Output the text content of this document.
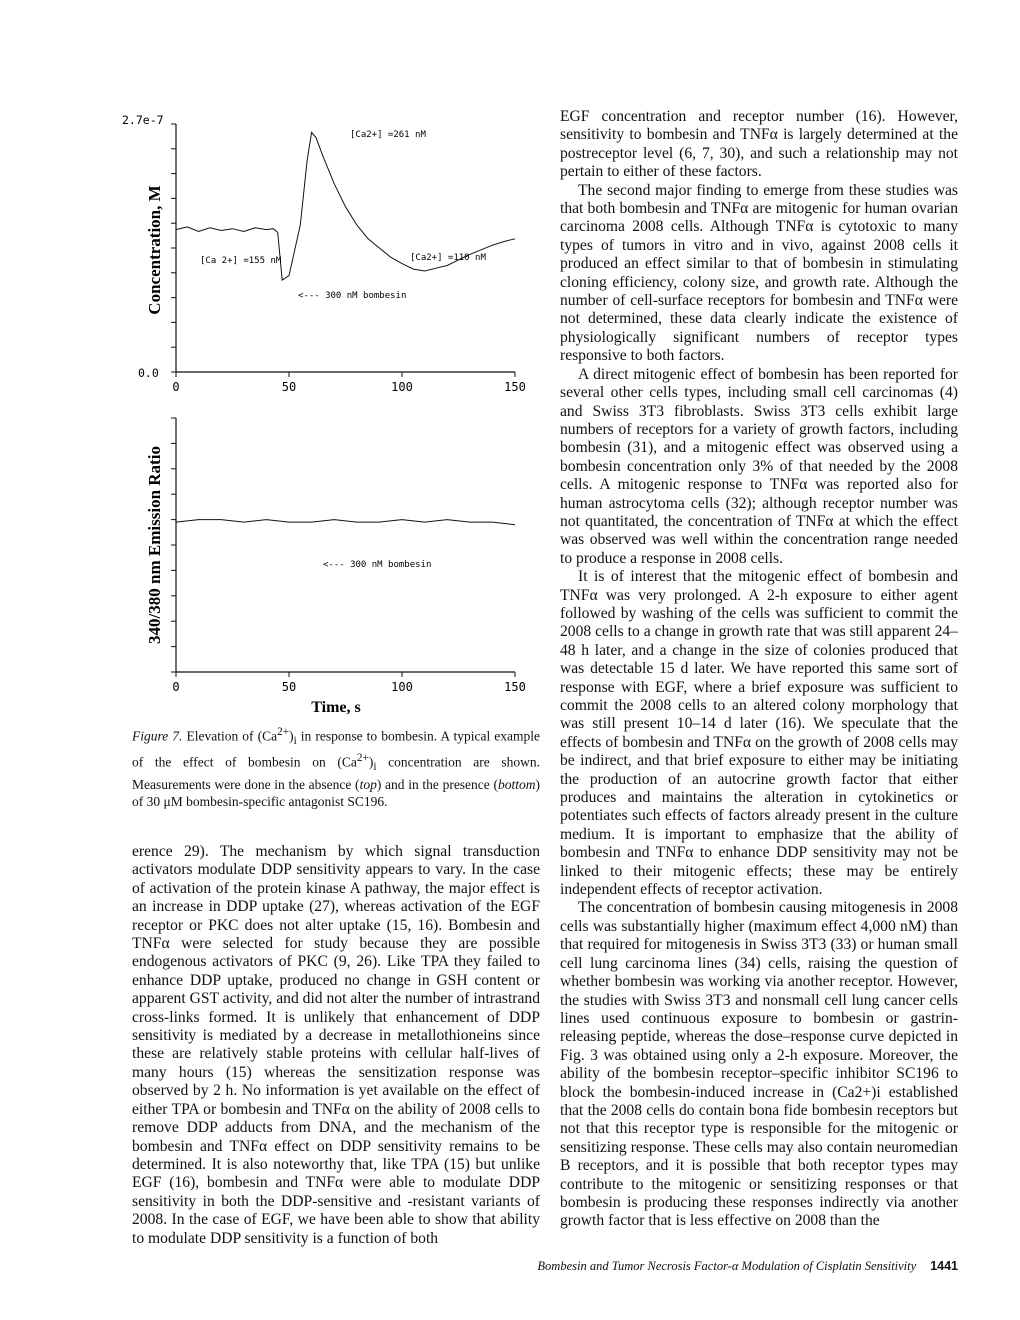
0	50	100	150
2.7e-7
0.0
Concentration, M	[Ca 2+] =155 nM
[Ca2+] =261 nM
[Ca2+] =110 nM
<--- 300 nM bombesin
0	50	100	150
340/380 nm Emission Ratio	<--- 300 nM bombesin
Time, s
Figure 7. Elevation of $(Ca^{2+})_i$ in response to bombesin. A typical example of the effect of bombesin on $(Ca^{2+})_i$ concentration are shown. Measurements were done in the absence (top) and in the presence (bottom) of 30 μM bombesin-specific antagonist SC196.

erence 29). The mechanism by which signal transduction activators modulate DDP sensitivity appears to vary. In the case of activation of the protein kinase A pathway, the major effect is an increase in DDP uptake (27), whereas activation of the EGF receptor or PKC does not alter uptake (15, 16). Bombesin and TNFα were selected for study because they are possible endogenous activators of PKC (9, 26). Like TPA they failed to enhance DDP uptake, produced no change in GSH content or apparent GST activity, and did not alter the number of intrastrand cross-links formed. It is unlikely that enhancement of DDP sensitivity is mediated by a decrease in metallothioneins since these are relatively stable proteins with cellular half-lives of many hours (15) whereas the sensitization response was observed by 2 h. No information is yet available on the effect of either TPA or bombesin and TNFα on the ability of 2008 cells to remove DDP adducts from DNA, and the mechanism of the bombesin and TNFα effect on DDP sensitivity remains to be determined. It is also noteworthy that, like TPA (15) but unlike EGF (16), bombesin and TNFα were able to modulate DDP sensitivity in both the DDP-sensitive and -resistant variants of 2008. In the case of EGF, we have been able to show that ability to modulate DDP sensitivity is a function of both

EGF concentration and receptor number (16). However, sensitivity to bombesin and TNFα is largely determined at the postreceptor level (6, 7, 30), and such a relationship may not pertain to either of these factors.

The second major finding to emerge from these studies was that both bombesin and TNFα are mitogenic for human ovarian carcinoma 2008 cells. Although TNFα is cytotoxic to many types of tumors in vitro and in vivo, against 2008 cells it produced an effect similar to that of bombesin in stimulating cloning efficiency, colony size, and growth rate. Although the number of cell-surface receptors for bombesin and TNFα were not determined, these data clearly indicate the existence of physiologically significant numbers of receptor types responsive to both factors.

A direct mitogenic effect of bombesin has been reported for several other cells types, including small cell carcinomas (4) and Swiss 3T3 fibroblasts. Swiss 3T3 cells exhibit large numbers of receptors for a variety of growth factors, including bombesin (31), and a mitogenic effect was observed using a bombesin concentration only 3% of that needed by the 2008 cells. A mitogenic response to TNFα was reported also for human astrocytoma cells (32); although receptor number was not quantitated, the concentration of TNFα at which the effect was observed was well within the concentration range needed to produce a response in 2008 cells.

It is of interest that the mitogenic effect of bombesin and TNFα was very prolonged. A 2-h exposure to either agent followed by washing of the cells was sufficient to commit the 2008 cells to a change in growth rate that was still apparent 24–48 h later, and a change in the size of colonies produced that was detectable 15 d later. We have reported this same sort of response with EGF, where a brief exposure was sufficient to commit the 2008 cells to an altered colony morphology that was still present 10–14 d later (16). We speculate that the effects of bombesin and TNFα on the growth of 2008 cells may be indirect, and that brief exposure to either may be initiating the production of an autocrine growth factor that either produces and maintains the alteration in cytokinetics or potentiates such effects of factors already present in the culture medium. It is important to emphasize that the ability of bombesin and TNFα to enhance DDP sensitivity may not be linked to their mitogenic effects; these may be entirely independent effects of receptor activation.

The concentration of bombesin causing mitogenesis in 2008 cells was substantially higher (maximum effect 4,000 nM) than that required for mitogenesis in Swiss 3T3 (33) or human small cell lung carcinoma lines (34) cells, raising the question of whether bombesin was working via another receptor. However, the studies with Swiss 3T3 and nonsmall cell lung cancer cells lines used continuous exposure to bombesin or gastrin-releasing peptide, whereas the dose–response curve depicted in Fig. 3 was obtained using only a 2-h exposure. Moreover, the ability of the bombesin receptor–specific inhibitor SC196 to block the bombesin-induced increase in (Ca2+)i established that the 2008 cells do contain bona fide bombesin receptors but not that this receptor type is responsible for the mitogenic or sensitizing response. These cells may also contain neuromedian B receptors, and it is possible that both receptor types may contribute to the mitogenic or sensitizing responses or that bombesin is producing these responses indirectly via another growth factor that is less effective on 2008 than the

Bombesin and Tumor Necrosis Factor-α Modulation of Cisplatin Sensitivity 1441
